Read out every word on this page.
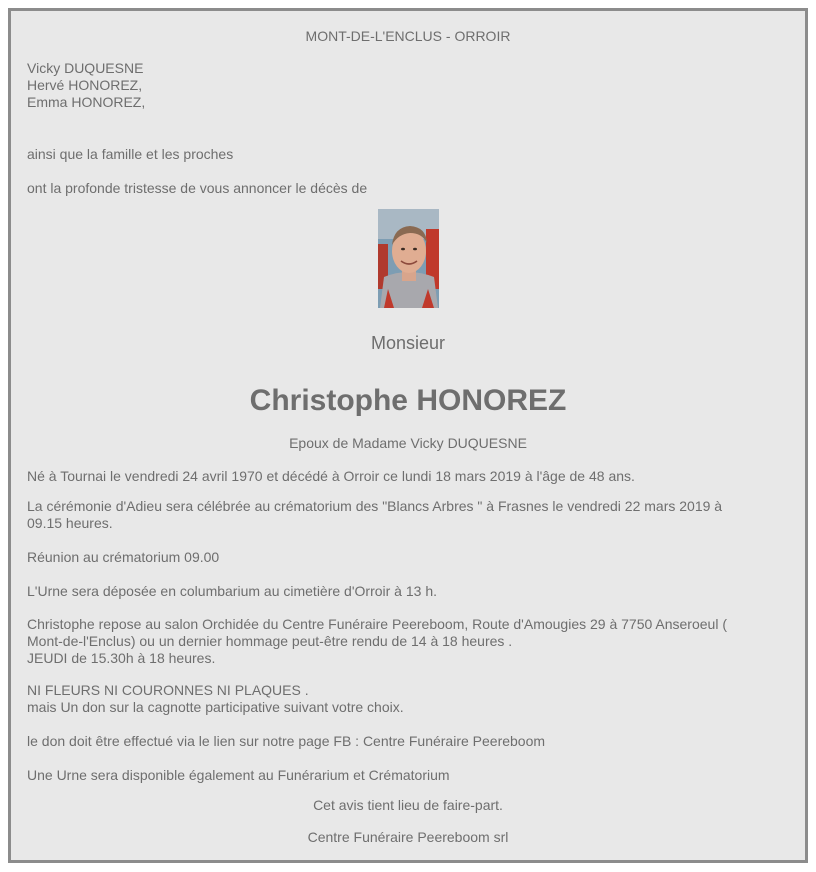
MONT-DE-L'ENCLUS - ORROIR
Vicky DUQUESNE
Hervé HONOREZ,
Emma HONOREZ,
ainsi que la famille et les proches
ont la profonde tristesse de vous annoncer le décès de
Monsieur
Christophe HONOREZ
Epoux de Madame Vicky DUQUESNE
Né à Tournai le vendredi 24 avril 1970 et décédé à Orroir ce lundi 18 mars 2019 à l'âge de 48 ans.
La cérémonie d'Adieu sera célébrée au crématorium des "Blancs Arbres " à Frasnes le vendredi 22 mars 2019 à
09.15 heures.
Réunion au crématorium 09.00
L'Urne sera déposée en columbarium au cimetière d'Orroir à 13 h.
Christophe repose au salon Orchidée du Centre Funéraire Peereboom, Route d'Amougies 29 à 7750 Anseroeul (
Mont-de-l'Enclus) ou un dernier hommage peut-être rendu de 14 à 18 heures .
JEUDI de 15.30h à 18 heures.
NI FLEURS NI COURONNES NI PLAQUES .
mais Un don sur la cagnotte participative suivant votre choix.
le don doit être effectué via le lien sur notre page FB : Centre Funéraire Peereboom
Une Urne sera disponible également au Funérarium et Crématorium
Cet avis tient lieu de faire-part.
Centre Funéraire Peereboom srl
